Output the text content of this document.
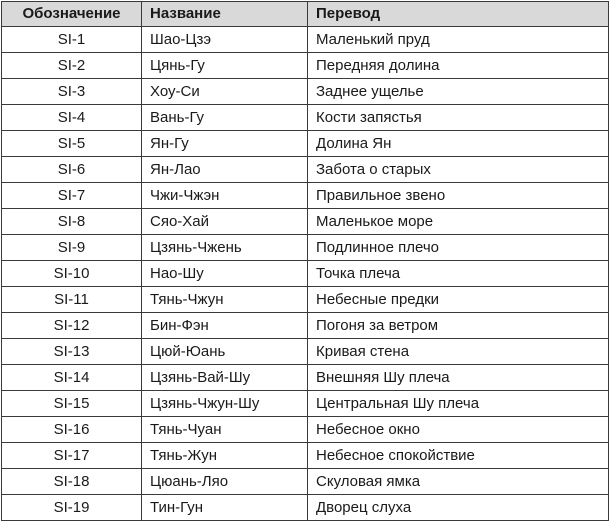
Обозначение	Название	Перевод
SI-1	Шао-Цзэ	Маленький пруд
SI-2	Цянь-Гу	Передняя долина
SI-3	Хоу-Си	Заднее ущелье
SI-4	Вань-Гу	Кости запястья
SI-5	Ян-Гу	Долина Ян
SI-6	Ян-Лао	Забота о старых
SI-7	Чжи-Чжэн	Правильное звено
SI-8	Сяо-Хай	Маленькое море
SI-9	Цзянь-Чжень	Подлинное плечо
SI-10	Нао-Шу	Точка плеча
SI-11	Тянь-Чжун	Небесные предки
SI-12	Бин-Фэн	Погоня за ветром
SI-13	Цюй-Юань	Кривая стена
SI-14	Цзянь-Вай-Шу	Внешняя Шу плеча
SI-15	Цзянь-Чжун-Шу	Центральная Шу плеча
SI-16	Тянь-Чуан	Небесное окно
SI-17	Тянь-Жун	Небесное спокойствие
SI-18	Цюань-Ляо	Скуловая ямка
SI-19	Тин-Гун	Дворец слуха
